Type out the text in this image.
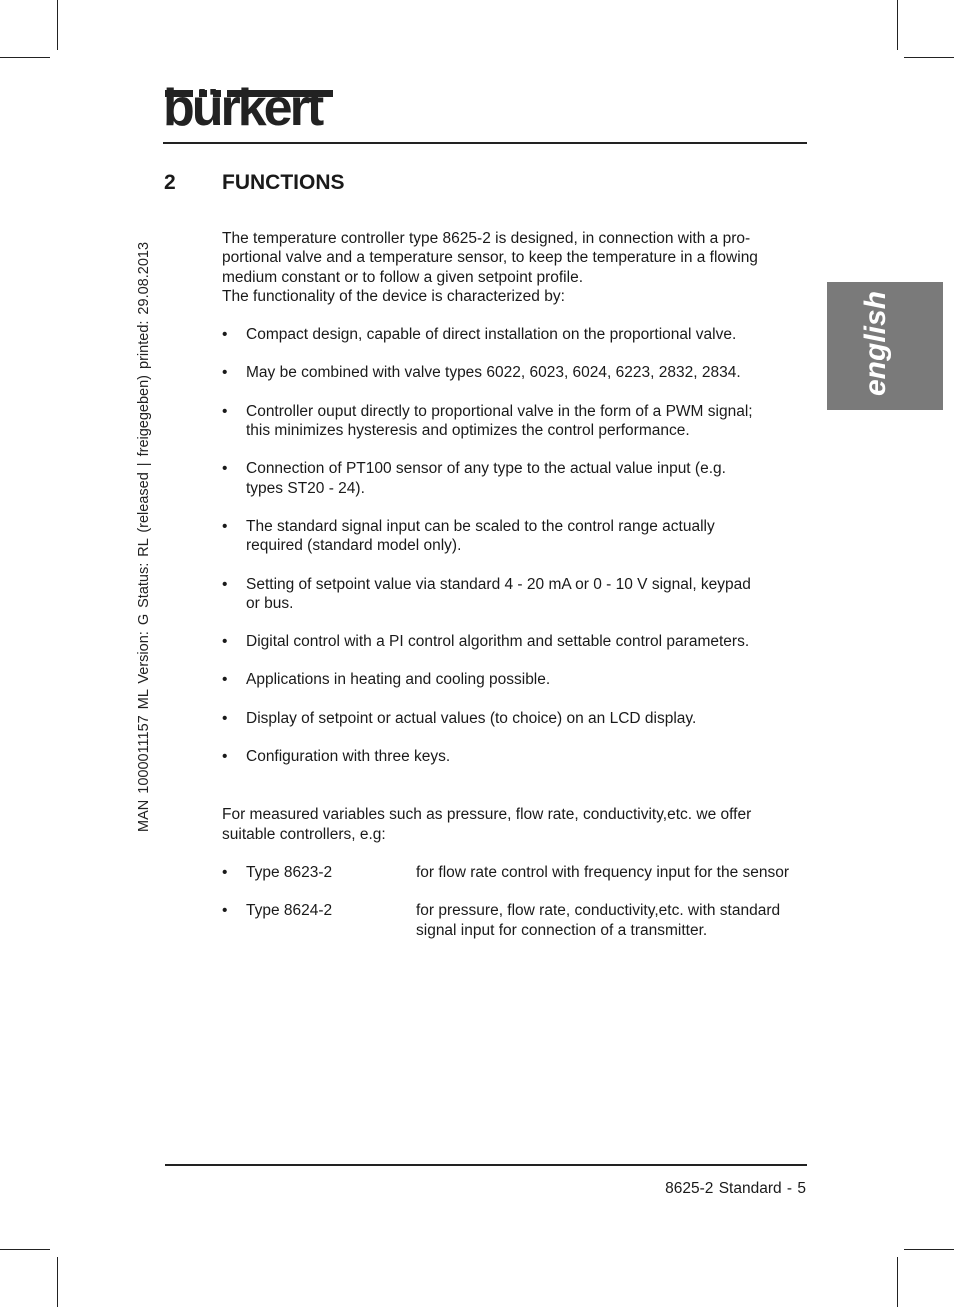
bürkert
2 FUNCTIONS
MAN 1000011157 ML Version: G Status: RL (released | freigegeben) printed: 29.08.2013	english
The temperature controller type 8625-2 is designed, in connection with a pro-
portional valve and a temperature sensor, to keep the temperature in a flowing
medium constant or to follow a given setpoint profile.
The functionality of the device is characterized by:
• Compact design, capable of direct installation on the proportional valve.
• May be combined with valve types 6022, 6023, 6024, 6223, 2832, 2834.
• Controller ouput directly to proportional valve in the form of a PWM signal;
this minimizes hysteresis and optimizes the control performance.
• Connection of PT100 sensor of any type to the actual value input (e.g.
types ST20 - 24).
• The standard signal input can be scaled to the control range actually
required (standard model only).
• Setting of setpoint value via standard 4 - 20 mA or 0 - 10 V signal, keypad
or bus.
• Digital control with a PI control algorithm and settable control parameters.
• Applications in heating and cooling possible.
• Display of setpoint or actual values (to choice) on an LCD display.
• Configuration with three keys.
For measured variables such as pressure, flow rate, conductivity,etc. we offer
suitable controllers, e.g:
• Type 8623-2	for flow rate control with frequency input for the sensor
• Type 8624-2	for pressure, flow rate, conductivity,etc. with standard
signal input for connection of a transmitter.
8625-2 Standard - 5
